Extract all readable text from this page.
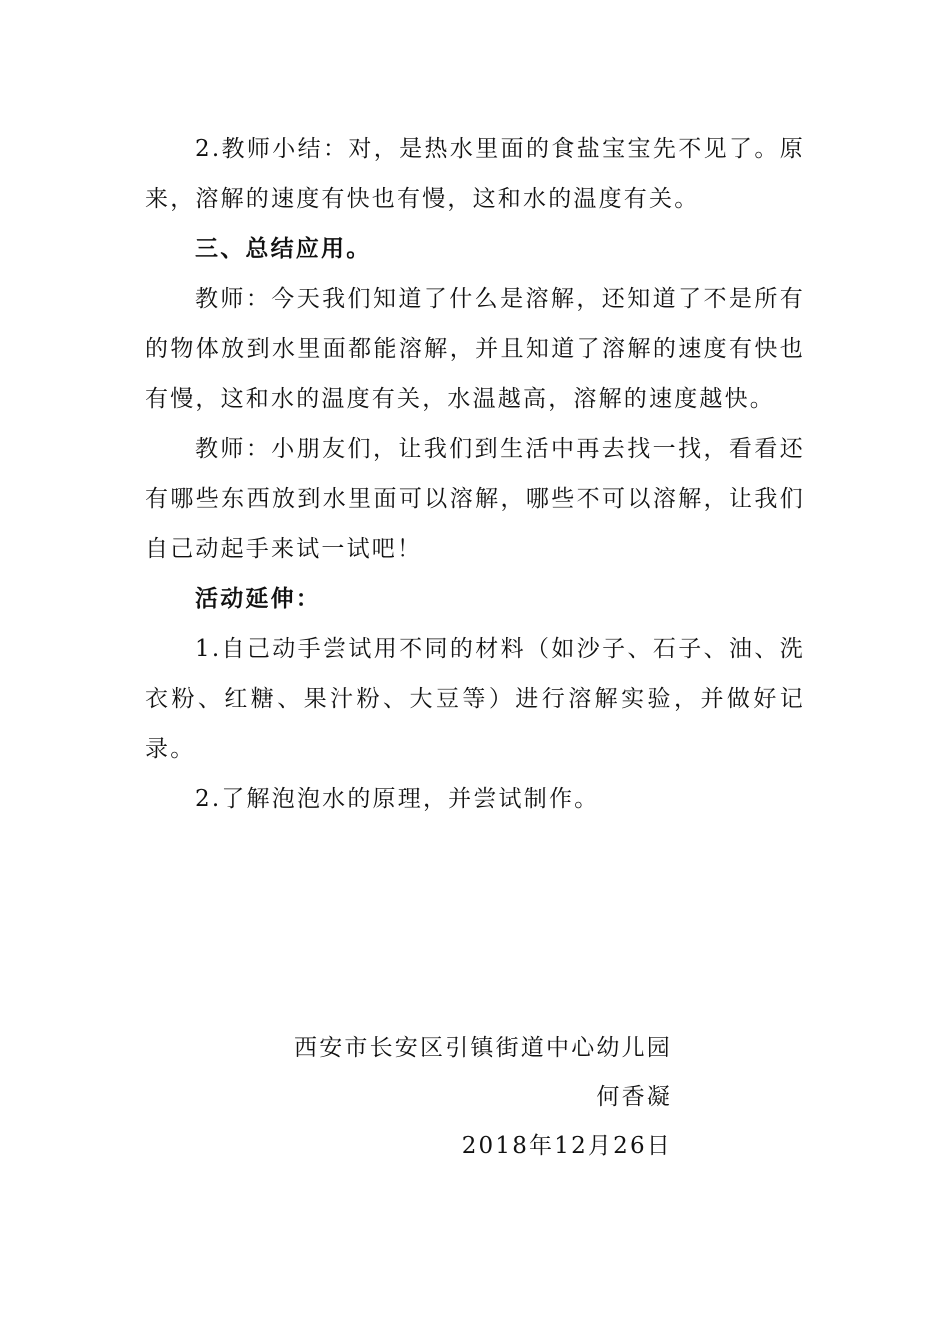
2.教师小结：对，是热水里面的食盐宝宝先不见了。原来，溶解的速度有快也有慢，这和水的温度有关。

三、总结应用。

教师：今天我们知道了什么是溶解，还知道了不是所有的物体放到水里面都能溶解，并且知道了溶解的速度有快也有慢，这和水的温度有关，水温越高，溶解的速度越快。

教师：小朋友们，让我们到生活中再去找一找，看看还有哪些东西放到水里面可以溶解，哪些不可以溶解，让我们自己动起手来试一试吧！

活动延伸：

1.自己动手尝试用不同的材料（如沙子、石子、油、洗衣粉、红糖、果汁粉、大豆等）进行溶解实验，并做好记录。

2.了解泡泡水的原理，并尝试制作。

西安市长安区引镇街道中心幼儿园
何香凝
2018年12月26日
